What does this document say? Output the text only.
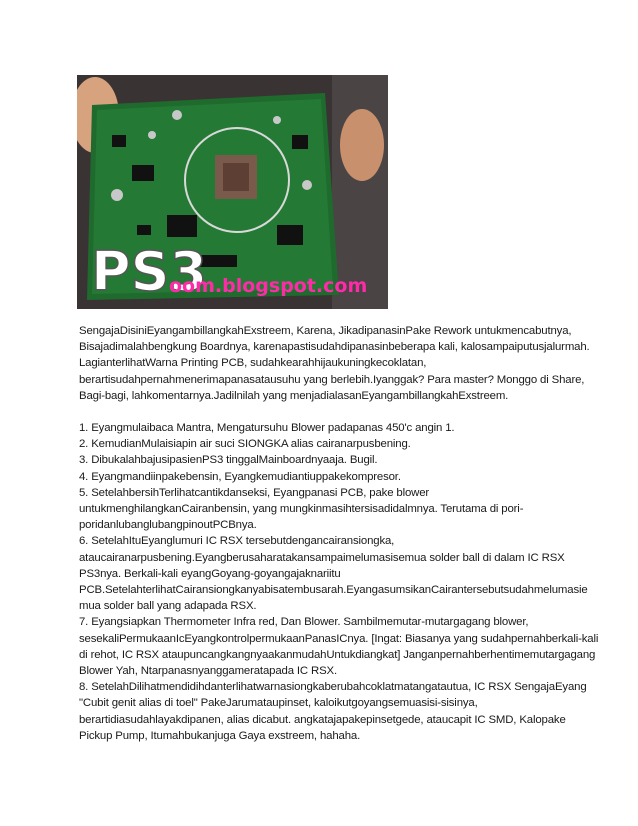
PS3
oom.blogspot.com

SengajaDisiniEyangambillangkahExstreem, Karena, JikadipanasinPake Rework untukmencabutnya,

Bisajadimalahbengkung Boardnya, karenapastisudahdipanasinbeberapa kali, kalosampaiputusjalurmah.

LagianterlihatWarna Printing PCB, sudahkearahhijaukuningkecoklatan,

berartisudahpernahmenerimapanasatausuhu yang berlebih.Iyanggak? Para master? Monggo di Share,

Bagi-bagi, lahkomentarnya.Jadilnilah yang menjadialasanEyangambillangkahExstreem.

1. Eyangmulaibaca Mantra, Mengatursuhu Blower padapanas 450'c angin 1.

2. KemudianMulaisiapin air suci SIONGKA alias cairanarpusbening.

3. DibukalahbajusipasienPS3 tinggalMainboardnyaaja. Bugil.

4. Eyangmandiinpakebensin, Eyangkemudiantiuppakekompresor.

5. SetelahbersihTerlihatcantikdanseksi, Eyangpanasi PCB, pake blower

untukmenghilangkanCairanbensin, yang mungkinmasihtersisadidalmnya. Terutama di pori-

poridanlubanglubangpinoutPCBnya.

6. SetelahItuEyanglumuri IC RSX tersebutdengancairansiongka,

ataucairanarpusbening.Eyangberusaharatakansampaimelumasisemua solder ball di dalam IC RSX

PS3nya. Berkali-kali eyangGoyang-goyangajaknariitu

PCB.SetelahterlihatCairansiongkanyabisatembusarah.EyangasumsikanCairantersebutsudahmelumasie

mua solder ball yang adapada RSX.

7. Eyangsiapkan Thermometer Infra red, Dan Blower. Sambilmemutar-mutargagang blower,

sesekaliPermukaanIcEyangkontrolpermukaanPanasICnya. [Ingat: Biasanya yang sudahpernahberkali-kali

di rehot, IC RSX ataupuncangkangnyaakanmudahUntukdiangkat] Janganpernahberhentimemutargagang

Blower Yah, Ntarpanasnyanggameratapada IC RSX.

8. SetelahDilihatmendidihdanterlihatwarnasiongkaberubahcoklatmatangatautua, IC RSX SengajaEyang

"Cubit genit alias di toel" PakeJarumataupinset, kaloikutgoyangsemuasisi-sisinya,

berartidiasudahlayakdipanen, alias dicabut. angkatajapakepinsetgede, ataucapit IC SMD, Kalopake

Pickup Pump, Itumahbukanjuga Gaya exstreem, hahaha.
